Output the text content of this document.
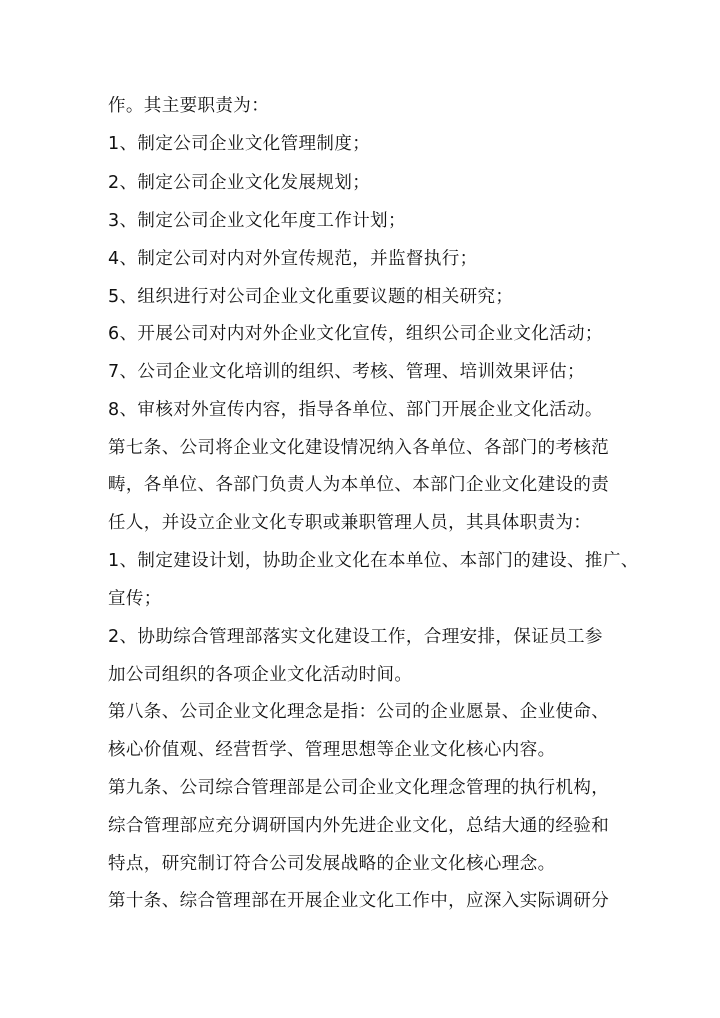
作。其主要职责为：
1、制定公司企业文化管理制度；
2、制定公司企业文化发展规划；
3、制定公司企业文化年度工作计划；
4、制定公司对内对外宣传规范，并监督执行；
5、组织进行对公司企业文化重要议题的相关研究；
6、开展公司对内对外企业文化宣传，组织公司企业文化活动；
7、公司企业文化培训的组织、考核、管理、培训效果评估；
8、审核对外宣传内容，指导各单位、部门开展企业文化活动。
第七条、公司将企业文化建设情况纳入各单位、各部门的考核范
畴，各单位、各部门负责人为本单位、本部门企业文化建设的责
任人，并设立企业文化专职或兼职管理人员，其具体职责为：
1、制定建设计划，协助企业文化在本单位、本部门的建设、推广、
宣传；
2、协助综合管理部落实文化建设工作，合理安排，保证员工参
加公司组织的各项企业文化活动时间。
第八条、公司企业文化理念是指：公司的企业愿景、企业使命、
核心价值观、经营哲学、管理思想等企业文化核心内容。
第九条、公司综合管理部是公司企业文化理念管理的执行机构，
综合管理部应充分调研国内外先进企业文化，总结大通的经验和
特点，研究制订符合公司发展战略的企业文化核心理念。
第十条、综合管理部在开展企业文化工作中，应深入实际调研分
